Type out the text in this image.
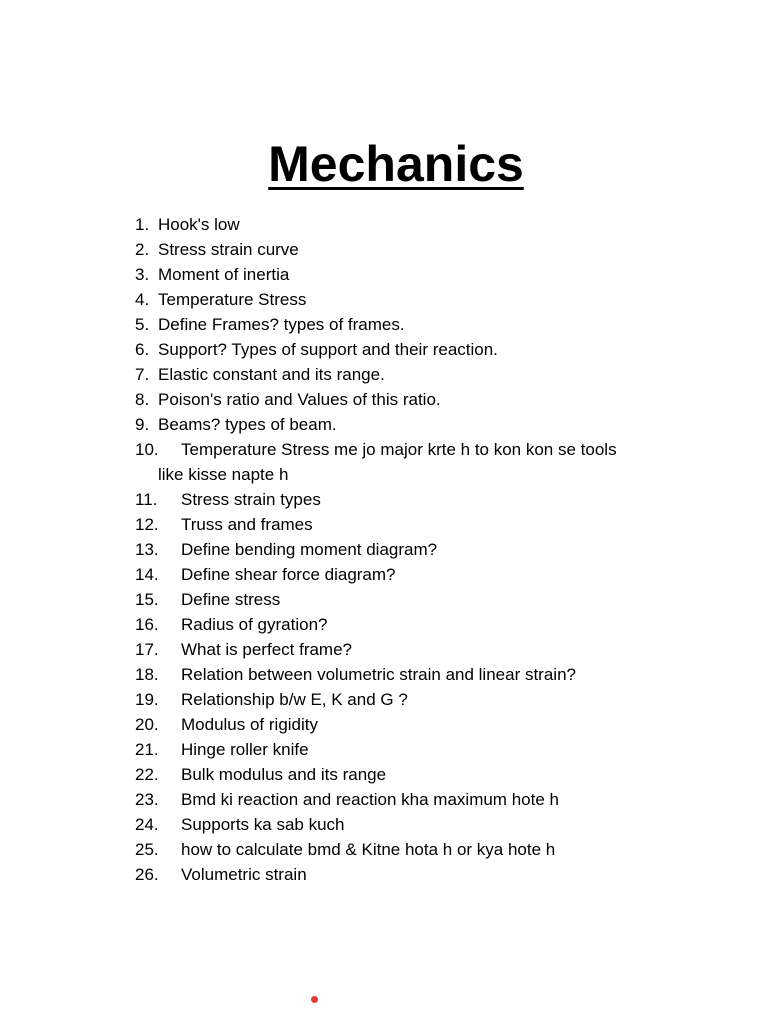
Mechanics
1. Hook's low
2. Stress strain curve
3. Moment of inertia
4. Temperature Stress
5. Define Frames? types of frames.
6. Support? Types of support and their reaction.
7. Elastic constant and its range.
8. Poison's ratio and Values of this ratio.
9. Beams? types of beam.
10.	Temperature Stress me jo major krte h to kon kon se tools
like kisse napte h
11.	Stress strain types
12.	Truss and frames
13.	Define bending moment diagram?
14.	Define shear force diagram?
15.	Define stress
16.	Radius of gyration?
17.	What is perfect frame?
18.	Relation between volumetric strain and linear strain?
19.	Relationship b/w E, K and G ?
20.	Modulus of rigidity
21.	Hinge roller knife
22.	Bulk modulus and its range
23.	Bmd ki reaction and reaction kha maximum hote h
24.	Supports ka sab kuch
25.	how to calculate bmd & Kitne hota h or kya hote h
26.	Volumetric strain
